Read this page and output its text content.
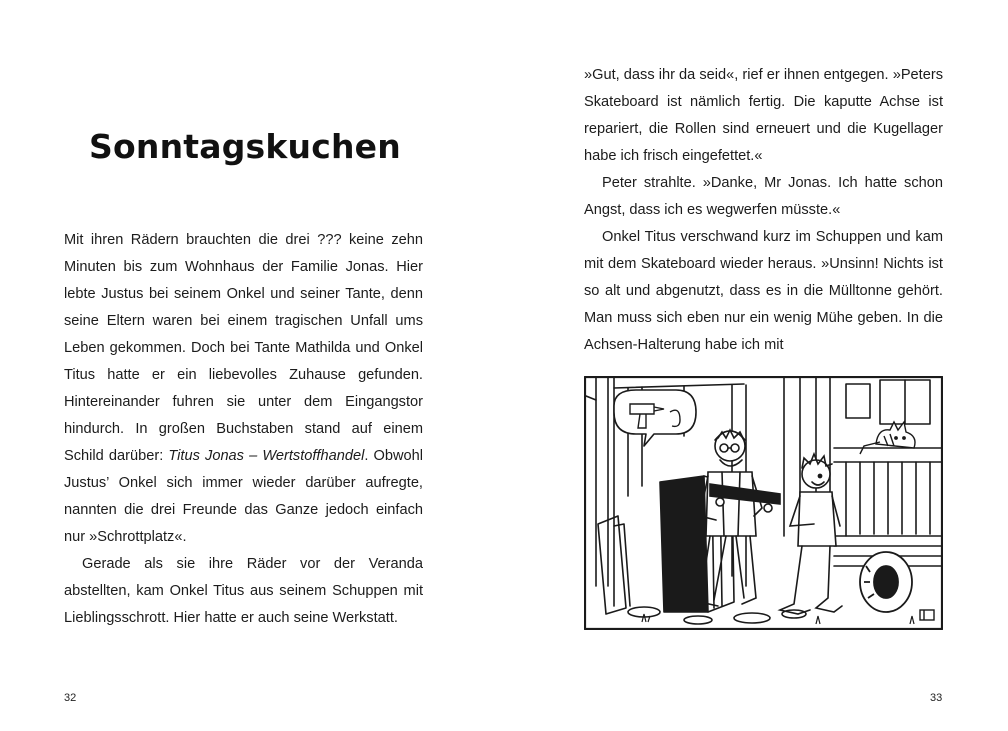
Sonntagskuchen

Mit ihren Rädern brauchten die drei ??? keine zehn Minuten bis zum Wohnhaus der Familie Jonas. Hier lebte Justus bei seinem Onkel und seiner Tante, denn seine Eltern waren bei einem tragischen Unfall ums Leben gekommen. Doch bei Tante Mathilda und Onkel Titus hatte er ein liebevolles Zuhause gefunden. Hintereinander fuhren sie unter dem Eingangstor hindurch. In großen Buchstaben stand auf einem Schild darüber: Titus Jonas – Wertstoffhandel. Obwohl Justus’ Onkel sich immer wieder darüber aufregte, nannten die drei Freunde das Ganze jedoch einfach nur »Schrottplatz«.

Gerade als sie ihre Räder vor der Veranda abstellten, kam Onkel Titus aus seinem Schuppen mit Lieblingsschrott. Hier hatte er auch seine Werkstatt.

32

»Gut, dass ihr da seid«, rief er ihnen entgegen. »Peters Skateboard ist nämlich fertig. Die kaputte Achse ist repariert, die Rollen sind erneuert und die Kugellager habe ich frisch eingefettet.«

Peter strahlte. »Danke, Mr Jonas. Ich hatte schon Angst, dass ich es wegwerfen müsste.«

Onkel Titus verschwand kurz im Schuppen und kam mit dem Skateboard wieder heraus. »Unsinn! Nichts ist so alt und abgenutzt, dass es in die Mülltonne gehört. Man muss sich eben nur ein wenig Mühe geben. In die Achsen-Halterung habe ich mit

33
